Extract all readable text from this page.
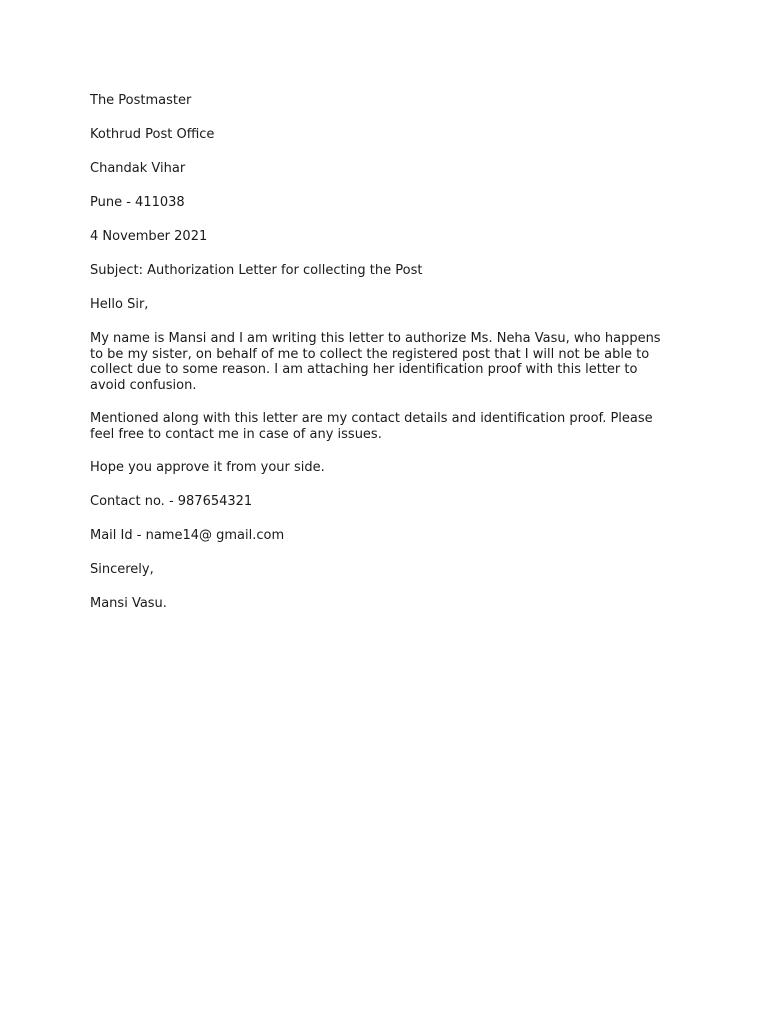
The Postmaster
Kothrud Post Office
Chandak Vihar
Pune - 411038
4 November 2021
Subject: Authorization Letter for collecting the Post
Hello Sir,
My name is Mansi and I am writing this letter to authorize Ms. Neha Vasu, who happens
to be my sister, on behalf of me to collect the registered post that I will not be able to
collect due to some reason. I am attaching her identification proof with this letter to
avoid confusion.
Mentioned along with this letter are my contact details and identification proof. Please
feel free to contact me in case of any issues.
Hope you approve it from your side.
Contact no. - 987654321
Mail Id - name14@ gmail.com
Sincerely,
Mansi Vasu.
